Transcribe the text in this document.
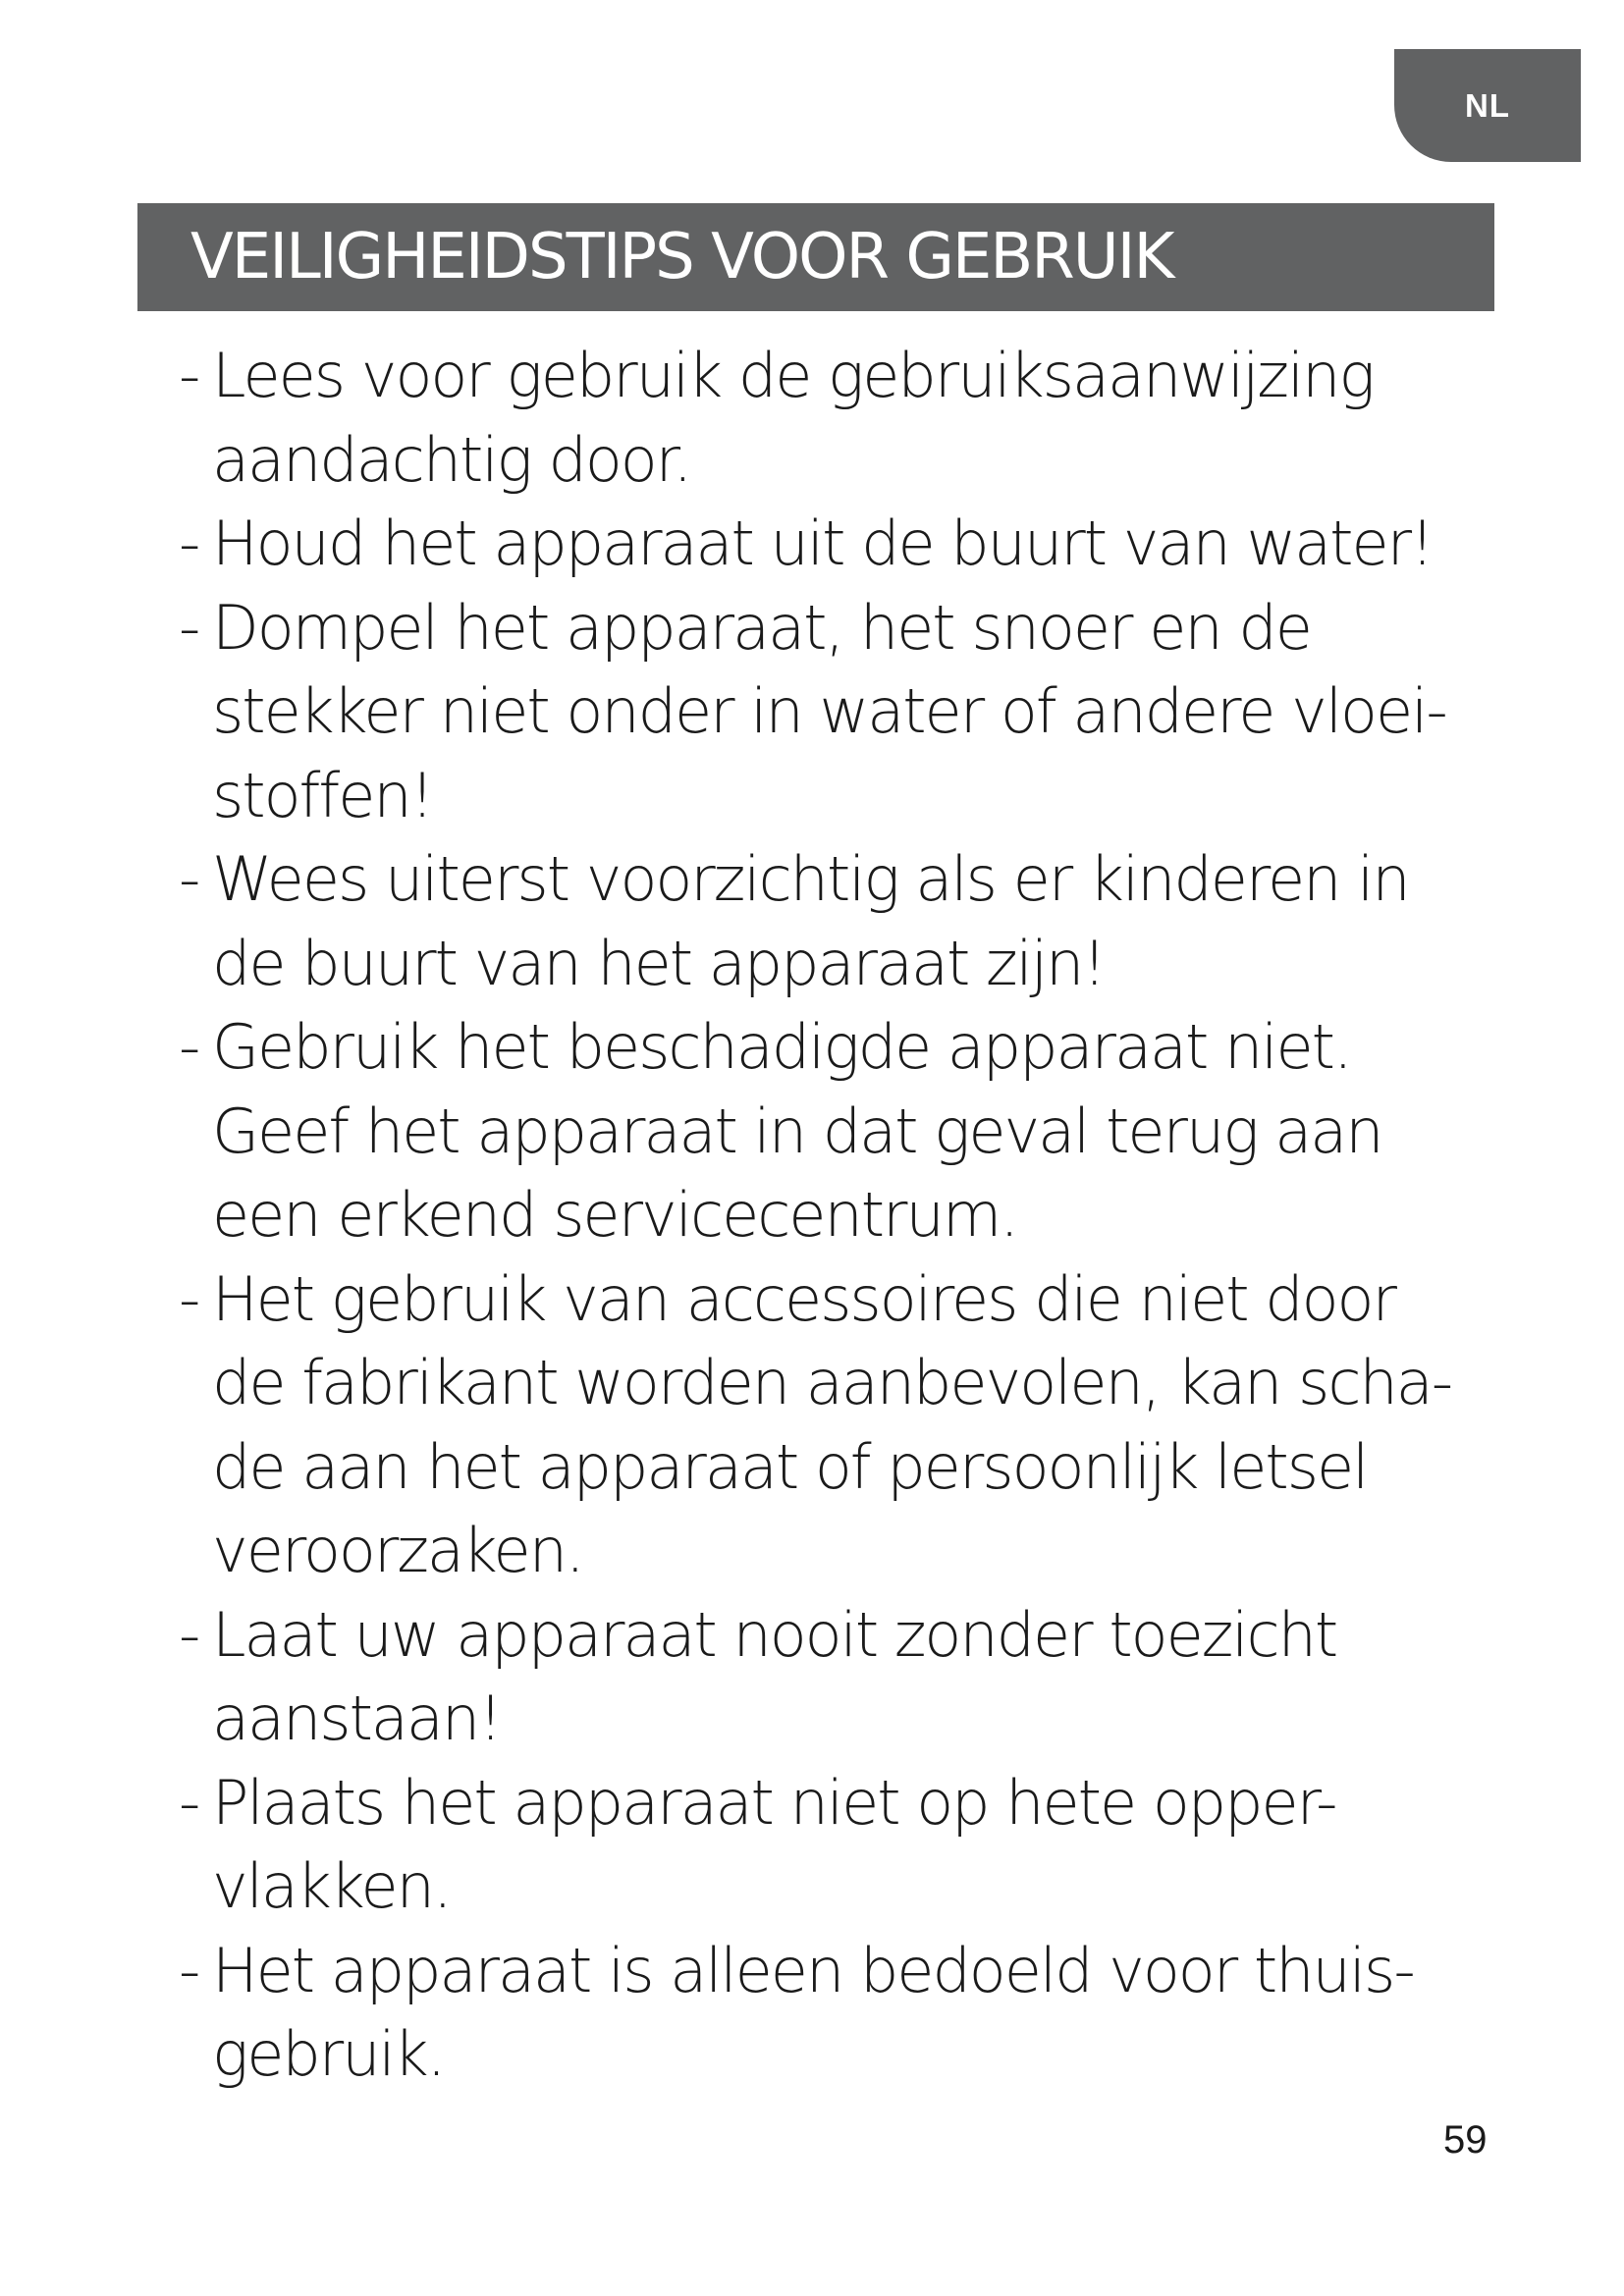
NL
VEILIGHEIDSTIPS VOOR GEBRUIK
- Lees voor gebruik de gebruiksaanwijzing
aandachtig door.
- Houd het apparaat uit de buurt van water!
- Dompel het apparaat, het snoer en de
stekker niet onder in water of andere vloei-
stoffen!
- Wees uiterst voorzichtig als er kinderen in
de buurt van het apparaat zijn!
- Gebruik het beschadigde apparaat niet.
Geef het apparaat in dat geval terug aan
een erkend servicecentrum.
- Het gebruik van accessoires die niet door
de fabrikant worden aanbevolen, kan scha-
de aan het apparaat of persoonlijk letsel
veroorzaken.
- Laat uw apparaat nooit zonder toezicht
aanstaan!
- Plaats het apparaat niet op hete opper-
vlakken.
- Het apparaat is alleen bedoeld voor thuis-
gebruik.
59
